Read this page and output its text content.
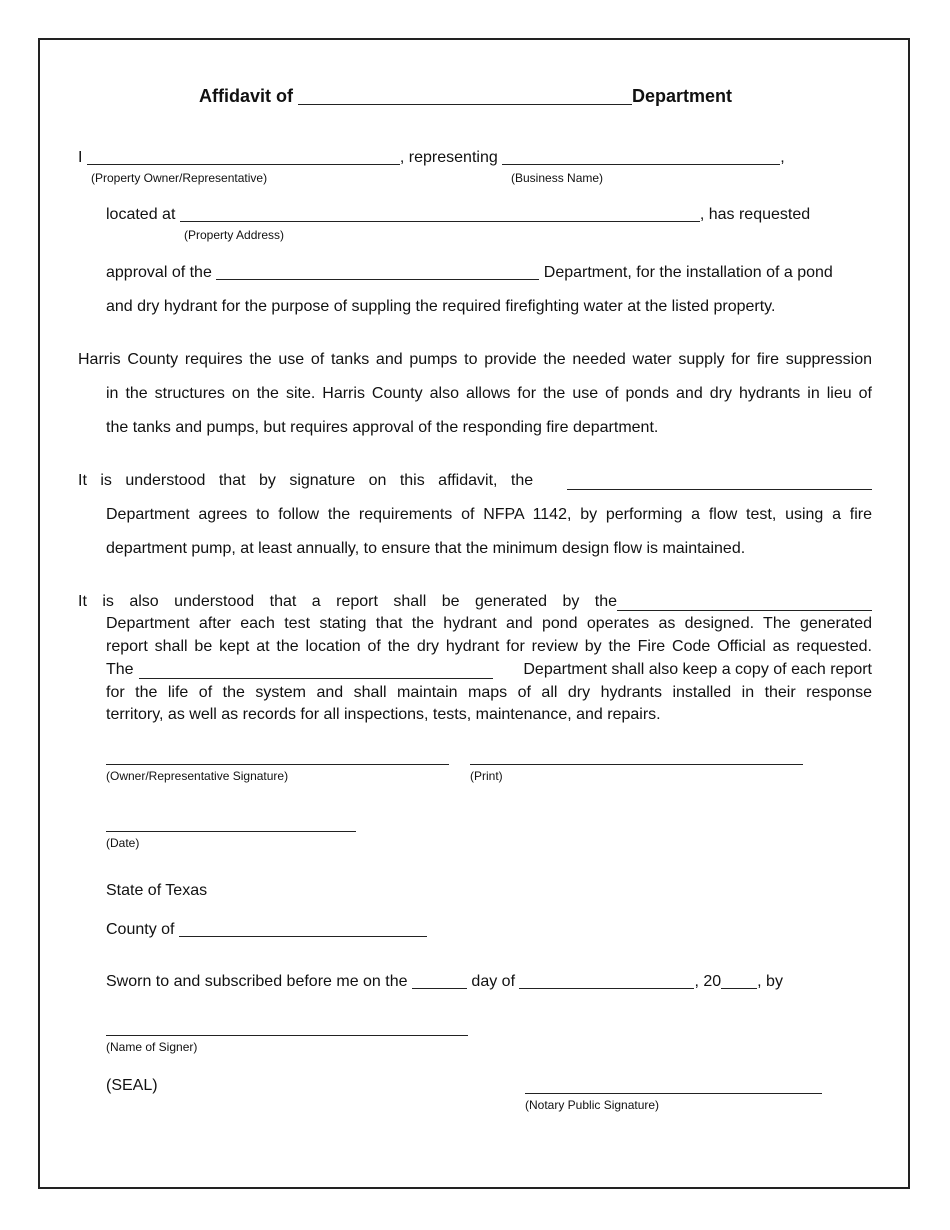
Affidavit of	Department
I	, representing	,
(Property Owner/Representative)	(Business Name)
located at	, has requested
(Property Address)
approval of the	Department, for the installation of a pond
and dry hydrant for the purpose of suppling the required firefighting water at the listed property.
Harris County requires the use of tanks and pumps to provide the needed water supply for fire suppression
in the structures on the site. Harris County also allows for the use of ponds and dry hydrants in lieu of
the tanks and pumps, but requires approval of the responding fire department.
It is understood that by signature on this affidavit, the
Department agrees to follow the requirements of NFPA 1142, by performing a flow test, using a fire
department pump, at least annually, to ensure that the minimum design flow is maintained.
It is also understood that a report shall be generated by the
Department after each test stating that the hydrant and pond operates as designed. The generated
report shall be kept at the location of the dry hydrant for review by the Fire Code Official as requested.
The	Department shall also keep a copy of each report
for the life of the system and shall maintain maps of all dry hydrants installed in their response
territory, as well as records for all inspections, tests, maintenance, and repairs.
(Owner/Representative Signature)	(Print)
(Date)
State of Texas
County of
Sworn to and subscribed before me on the	day of	, 20 , by
(Name of Signer)
(SEAL)
(Notary Public Signature)
